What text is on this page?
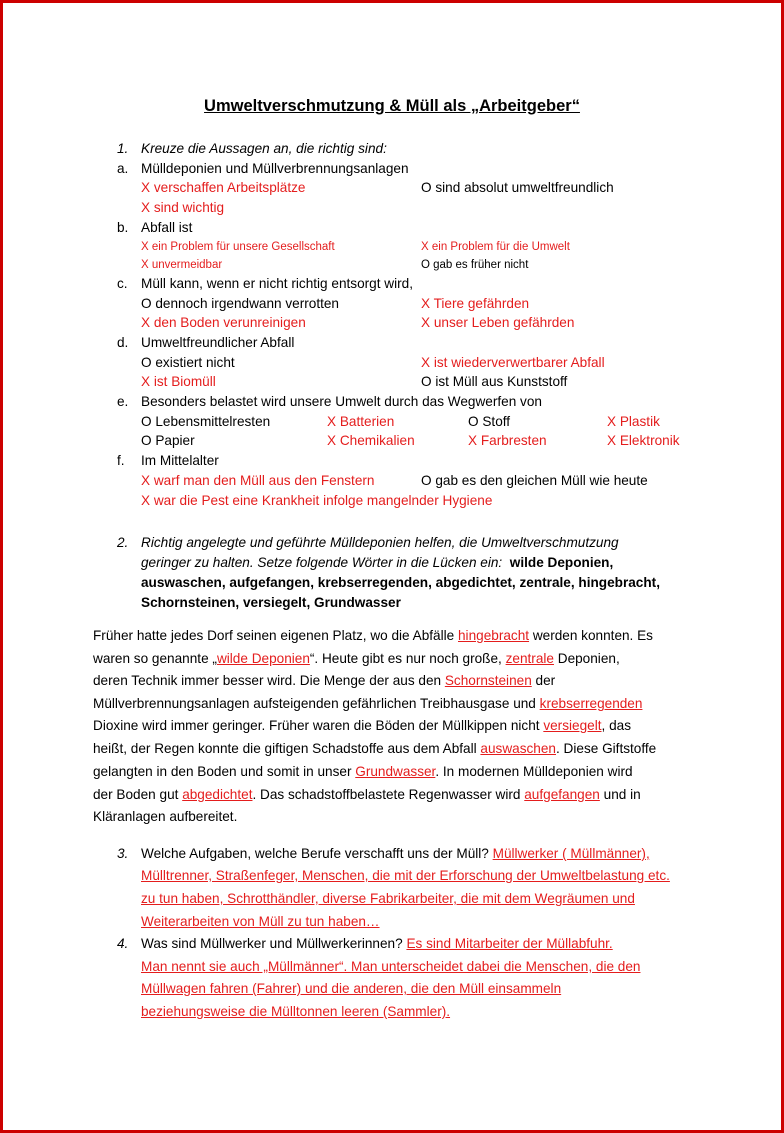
Umweltverschmutzung & Müll als „Arbeitgeber“
1. Kreuze die Aussagen an, die richtig sind:
a. Mülldeponien und Müllverbrennungsanlagen
X verschaffen Arbeitsplätze	O sind absolut umweltfreundlich
X sind wichtig
b. Abfall ist
X ein Problem für unsere Gesellschaft	X ein Problem für die Umwelt
X unvermeidbar	O gab es früher nicht
c. Müll kann, wenn er nicht richtig entsorgt wird,
O dennoch irgendwann verrotten	X Tiere gefährden
X den Boden verunreinigen	X unser Leben gefährden
d. Umweltfreundlicher Abfall
O existiert nicht	X ist wiederverwertbarer Abfall
X ist Biomüll	O ist Müll aus Kunststoff
e. Besonders belastet wird unsere Umwelt durch das Wegwerfen von
O Lebensmittelresten	X Batterien	O Stoff	X Plastik
O Papier	X Chemikalien	X Farbresten	X Elektronik
f. Im Mittelalter
X warf man den Müll aus den Fenstern	O gab es den gleichen Müll wie heute
X war die Pest eine Krankheit infolge mangelnder Hygiene
2. Richtig angelegte und geführte Mülldeponien helfen, die Umweltverschmutzung
geringer zu halten. Setze folgende Wörter in die Lücken ein: wilde Deponien,
auswaschen, aufgefangen, krebserregenden, abgedichtet, zentrale, hingebracht,
Schornsteinen, versiegelt, Grundwasser
Früher hatte jedes Dorf seinen eigenen Platz, wo die Abfälle hingebracht werden konnten. Es
waren so genannte „wilde Deponien“. Heute gibt es nur noch große, zentrale Deponien,
deren Technik immer besser wird. Die Menge der aus den Schornsteinen der
Müllverbrennungsanlagen aufsteigenden gefährlichen Treibhausgase und krebserregenden
Dioxine wird immer geringer. Früher waren die Böden der Müllkippen nicht versiegelt, das
heißt, der Regen konnte die giftigen Schadstoffe aus dem Abfall auswaschen. Diese Giftstoffe
gelangten in den Boden und somit in unser Grundwasser. In modernen Mülldeponien wird
der Boden gut abgedichtet. Das schadstoffbelastete Regenwasser wird aufgefangen und in
Kläranlagen aufbereitet.
3. Welche Aufgaben, welche Berufe verschafft uns der Müll? Müllwerker ( Müllmänner),
Mülltrenner, Straßenfeger, Menschen, die mit der Erforschung der Umweltbelastung etc.
zu tun haben, Schrotthändler, diverse Fabrikarbeiter, die mit dem Wegräumen und
Weiterarbeiten von Müll zu tun haben…
4. Was sind Müllwerker und Müllwerkerinnen? Es sind Mitarbeiter der Müllabfuhr.
Man nennt sie auch „Müllmänner“. Man unterscheidet dabei die Menschen, die den
Müllwagen fahren (Fahrer) und die anderen, die den Müll einsammeln
beziehungsweise die Mülltonnen leeren (Sammler).
